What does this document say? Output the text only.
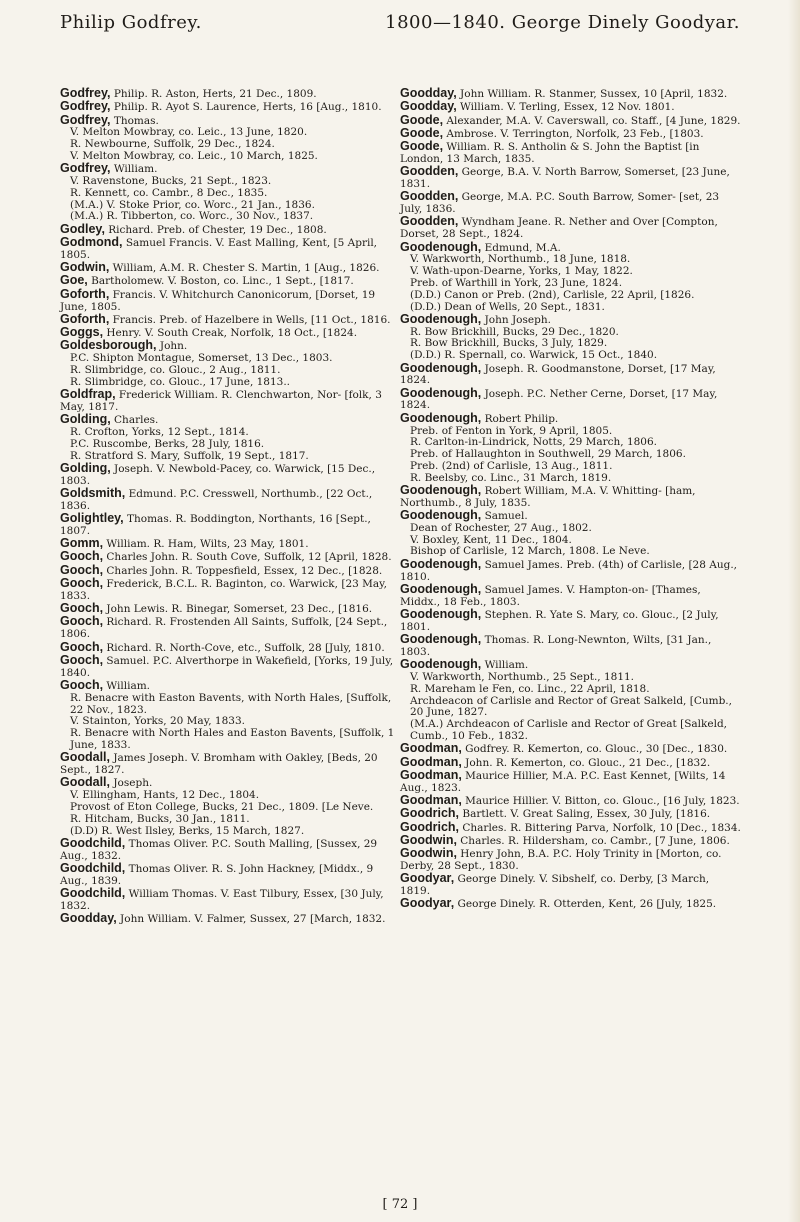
Philip Godfrey.	1800—1840. George Dinely Goodyar.
Godfrey, Philip. R. Aston, Herts, 21 Dec., 1809.
Godfrey, Philip. R. Ayot S. Laurence, Herts, 16 [Aug., 1810.
Godfrey, Thomas.
V. Melton Mowbray, co. Leic., 13 June, 1820.
R. Newbourne, Suffolk, 29 Dec., 1824.
V. Melton Mowbray, co. Leic., 10 March, 1825.
Godfrey, William.
V. Ravenstone, Bucks, 21 Sept., 1823.
R. Kennett, co. Cambr., 8 Dec., 1835.
(M.A.) V. Stoke Prior, co. Worc., 21 Jan., 1836.
(M.A.) R. Tibberton, co. Worc., 30 Nov., 1837.
Godley, Richard. Preb. of Chester, 19 Dec., 1808.
Godmond, Samuel Francis. V. East Malling, Kent, [5 April, 1805.
Godwin, William, A.M. R. Chester S. Martin, 1 [Aug., 1826.
Goe, Bartholomew. V. Boston, co. Linc., 1 Sept., [1817.
Goforth, Francis. V. Whitchurch Canonicorum, [Dorset, 19 June, 1805.
Goforth, Francis. Preb. of Hazelbere in Wells, [11 Oct., 1816.
Goggs, Henry. V. South Creak, Norfolk, 18 Oct., [1824.
Goldesborough, John.
P.C. Shipton Montague, Somerset, 13 Dec., 1803.
R. Slimbridge, co. Glouc., 2 Aug., 1811.
R. Slimbridge, co. Glouc., 17 June, 1813..
Goldfrap, Frederick William. R. Clenchwarton, Nor- [folk, 3 May, 1817.
Golding, Charles.
R. Crofton, Yorks, 12 Sept., 1814.
P.C. Ruscombe, Berks, 28 July, 1816.
R. Stratford S. Mary, Suffolk, 19 Sept., 1817.
Golding, Joseph. V. Newbold-Pacey, co. Warwick, [15 Dec., 1803.
Goldsmith, Edmund. P.C. Cresswell, Northumb., [22 Oct., 1836.
Golightley, Thomas. R. Boddington, Northants, 16 [Sept., 1807.
Gomm, William. R. Ham, Wilts, 23 May, 1801.
Gooch, Charles John. R. South Cove, Suffolk, 12 [April, 1828.
Gooch, Charles John. R. Toppesfield, Essex, 12 Dec., [1828.
Gooch, Frederick, B.C.L. R. Baginton, co. Warwick, [23 May, 1833.
Gooch, John Lewis. R. Binegar, Somerset, 23 Dec., [1816.
Gooch, Richard. R. Frostenden All Saints, Suffolk, [24 Sept., 1806.
Gooch, Richard. R. North-Cove, etc., Suffolk, 28 [July, 1810.
Gooch, Samuel. P.C. Alverthorpe in Wakefield, [Yorks, 19 July, 1840.
Gooch, William.
R. Benacre with Easton Bavents, with North Hales, [Suffolk, 22 Nov., 1823.
V. Stainton, Yorks, 20 May, 1833.
R. Benacre with North Hales and Easton Bavents, [Suffolk, 1 June, 1833.
Goodall, James Joseph. V. Bromham with Oakley, [Beds, 20 Sept., 1827.
Goodall, Joseph.
V. Ellingham, Hants, 12 Dec., 1804.
Provost of Eton College, Bucks, 21 Dec., 1809. [Le Neve.
R. Hitcham, Bucks, 30 Jan., 1811.
(D.D) R. West Ilsley, Berks, 15 March, 1827.
Goodchild, Thomas Oliver. P.C. South Malling, [Sussex, 29 Aug., 1832.
Goodchild, Thomas Oliver. R. S. John Hackney, [Middx., 9 Aug., 1839.
Goodchild, William Thomas. V. East Tilbury, Essex, [30 July, 1832.
Goodday, John William. V. Falmer, Sussex, 27 [March, 1832.
Goodday, John William. R. Stanmer, Sussex, 10 [April, 1832.
Goodday, William. V. Terling, Essex, 12 Nov. 1801.
Goode, Alexander, M.A. V. Caverswall, co. Staff., [4 June, 1829.
Goode, Ambrose. V. Terrington, Norfolk, 23 Feb., [1803.
Goode, William. R. S. Antholin & S. John the Baptist [in London, 13 March, 1835.
Goodden, George, B.A. V. North Barrow, Somerset, [23 June, 1831.
Goodden, George, M.A. P.C. South Barrow, Somer- [set, 23 July, 1836.
Goodden, Wyndham Jeane. R. Nether and Over [Compton, Dorset, 28 Sept., 1824.
Goodenough, Edmund, M.A.
V. Warkworth, Northumb., 18 June, 1818.
V. Wath-upon-Dearne, Yorks, 1 May, 1822.
Preb. of Warthill in York, 23 June, 1824.
(D.D.) Canon or Preb. (2nd), Carlisle, 22 April, [1826.
(D.D.) Dean of Wells, 20 Sept., 1831.
Goodenough, John Joseph.
R. Bow Brickhill, Bucks, 29 Dec., 1820.
R. Bow Brickhill, Bucks, 3 July, 1829.
(D.D.) R. Spernall, co. Warwick, 15 Oct., 1840.
Goodenough, Joseph. R. Goodmanstone, Dorset, [17 May, 1824.
Goodenough, Joseph. P.C. Nether Cerne, Dorset, [17 May, 1824.
Goodenough, Robert Philip.
Preb. of Fenton in York, 9 April, 1805.
R. Carlton-in-Lindrick, Notts, 29 March, 1806.
Preb. of Hallaughton in Southwell, 29 March, 1806.
Preb. (2nd) of Carlisle, 13 Aug., 1811.
R. Beelsby, co. Linc., 31 March, 1819.
Goodenough, Robert William, M.A. V. Whitting- [ham, Northumb., 8 July, 1835.
Goodenough, Samuel.
Dean of Rochester, 27 Aug., 1802.
V. Boxley, Kent, 11 Dec., 1804.
Bishop of Carlisle, 12 March, 1808. Le Neve.
Goodenough, Samuel James. Preb. (4th) of Carlisle, [28 Aug., 1810.
Goodenough, Samuel James. V. Hampton-on- [Thames, Middx., 18 Feb., 1803.
Goodenough, Stephen. R. Yate S. Mary, co. Glouc., [2 July, 1801.
Goodenough, Thomas. R. Long-Newnton, Wilts, [31 Jan., 1803.
Goodenough, William.
V. Warkworth, Northumb., 25 Sept., 1811.
R. Mareham le Fen, co. Linc., 22 April, 1818.
Archdeacon of Carlisle and Rector of Great Salkeld, [Cumb., 20 June, 1827.
(M.A.) Archdeacon of Carlisle and Rector of Great [Salkeld, Cumb., 10 Feb., 1832.
Goodman, Godfrey. R. Kemerton, co. Glouc., 30 [Dec., 1830.
Goodman, John. R. Kemerton, co. Glouc., 21 Dec., [1832.
Goodman, Maurice Hillier, M.A. P.C. East Kennet, [Wilts, 14 Aug., 1823.
Goodman, Maurice Hillier. V. Bitton, co. Glouc., [16 July, 1823.
Goodrich, Bartlett. V. Great Saling, Essex, 30 July, [1816.
Goodrich, Charles. R. Bittering Parva, Norfolk, 10 [Dec., 1834.
Goodwin, Charles. R. Hildersham, co. Cambr., [7 June, 1806.
Goodwin, Henry John, B.A. P.C. Holy Trinity in [Morton, co. Derby, 28 Sept., 1830.
Goodyar, George Dinely. V. Sibshelf, co. Derby, [3 March, 1819.
Goodyar, George Dinely. R. Otterden, Kent, 26 [July, 1825.
[ 72 ]
